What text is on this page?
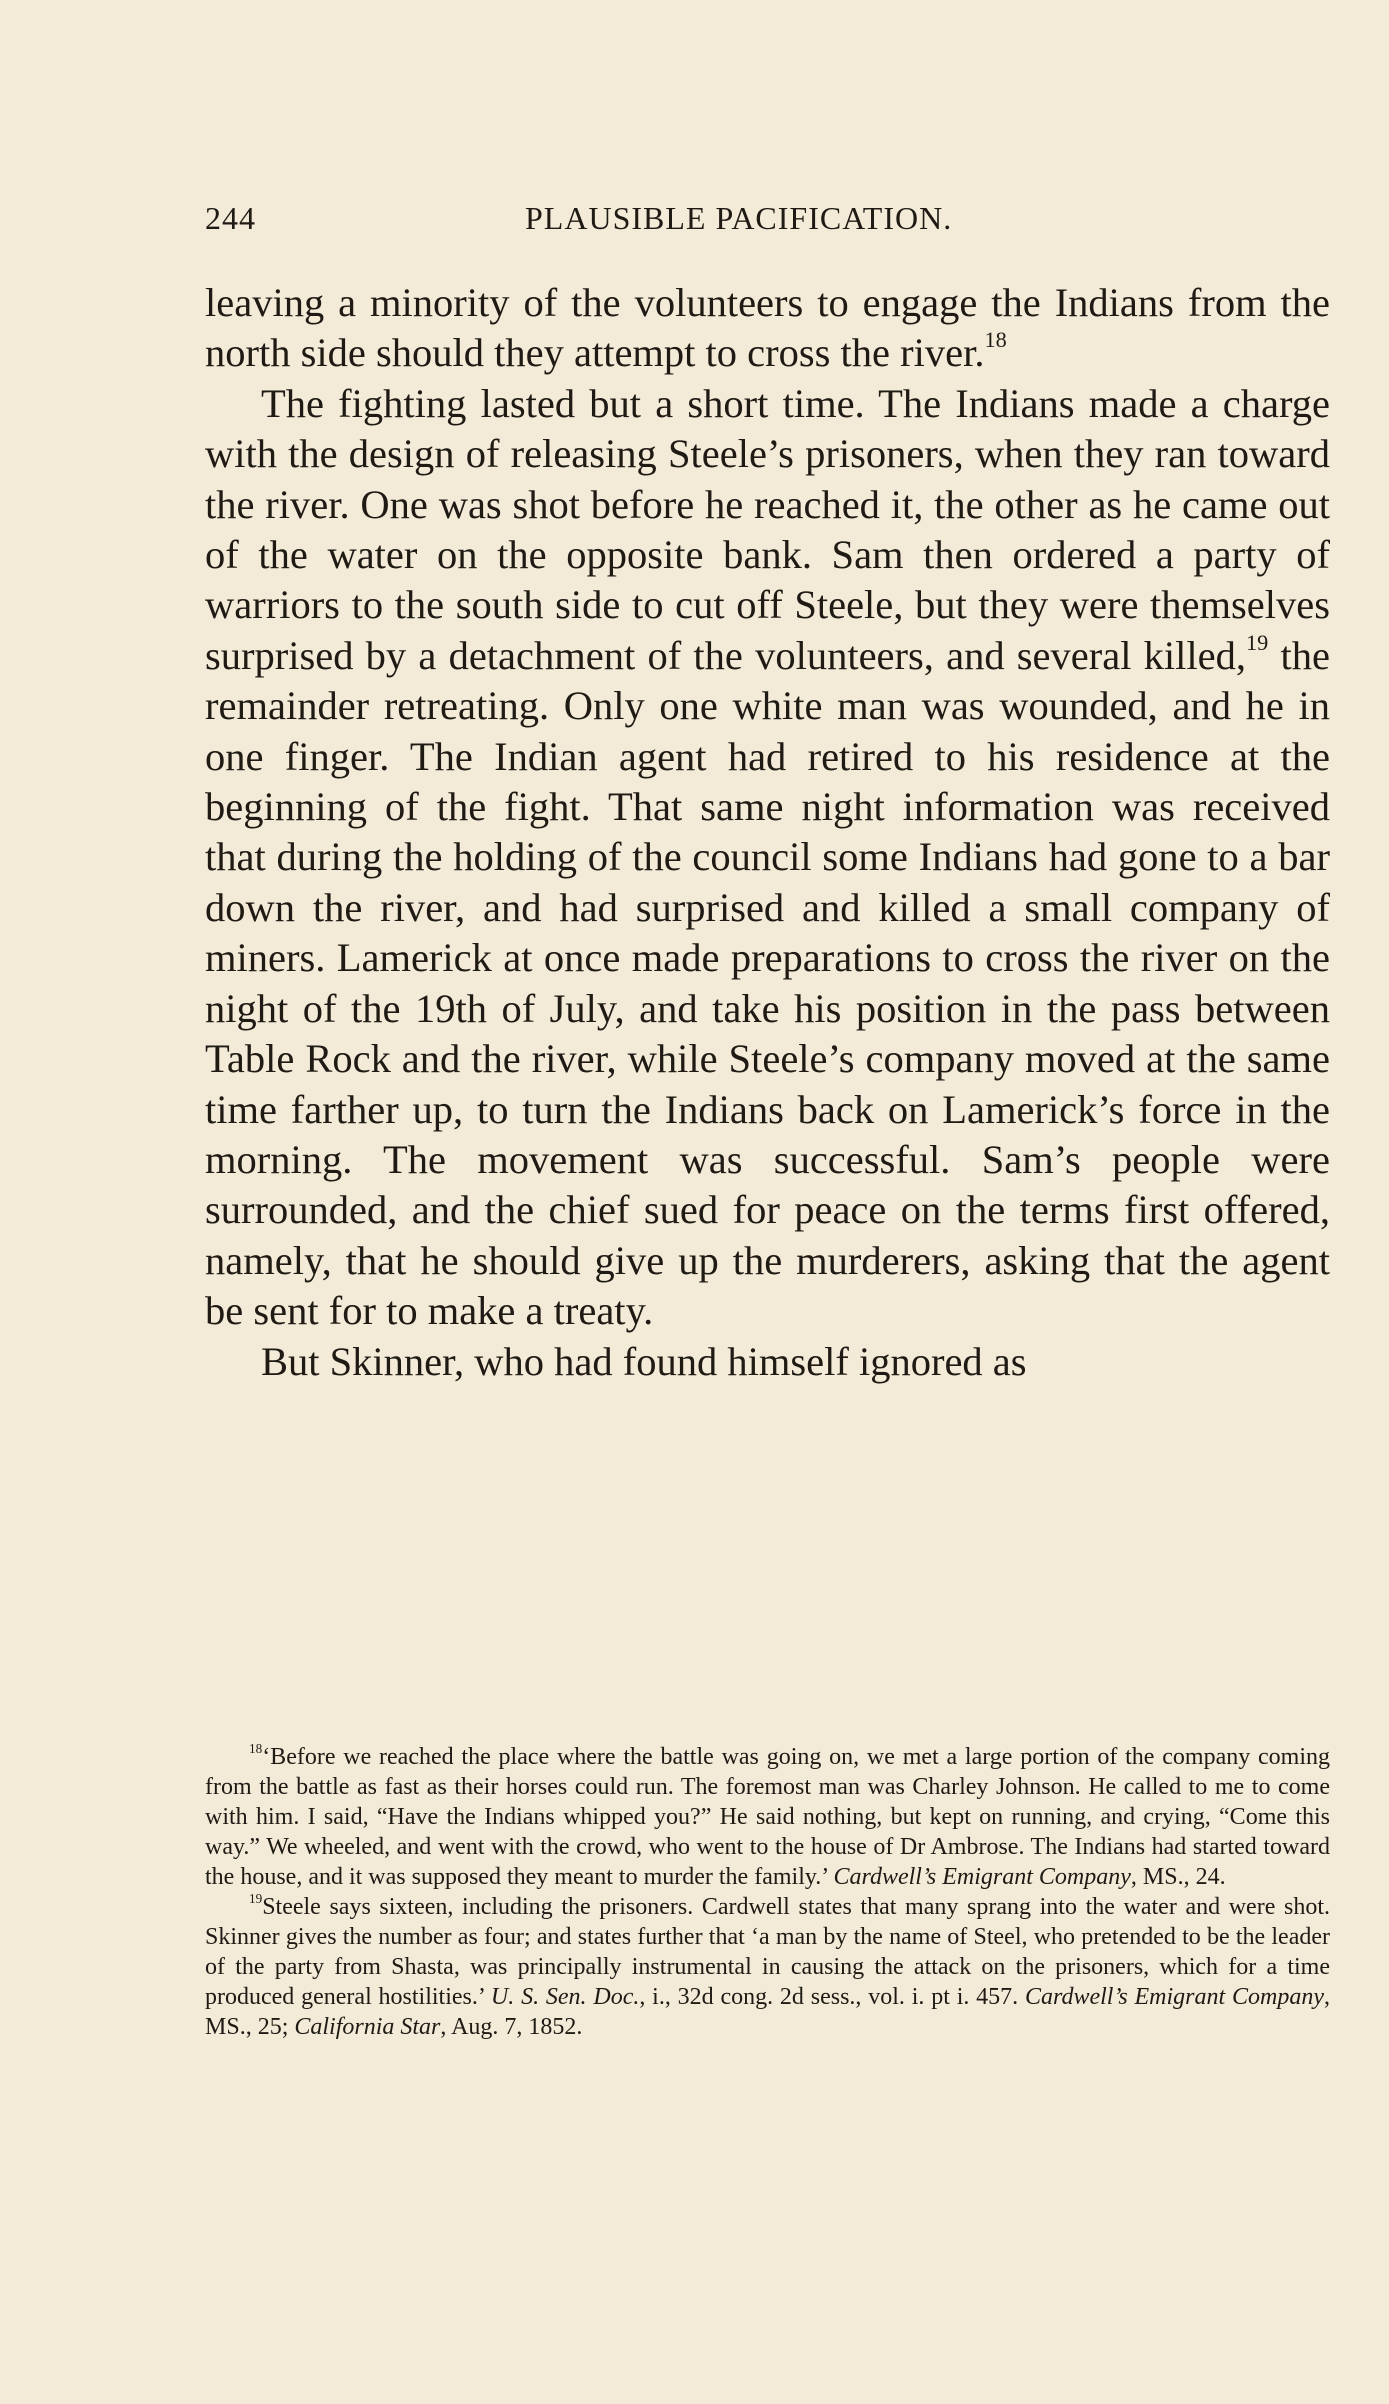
244	PLAUSIBLE PACIFICATION.

leaving a minority of the volunteers to engage the Indians from the north side should they attempt to cross the river.$^{18}$

The fighting lasted but a short time. The Indians made a charge with the design of releasing Steele’s prisoners, when they ran toward the river. One was shot before he reached it, the other as he came out of the water on the opposite bank. Sam then ordered a party of warriors to the south side to cut off Steele, but they were themselves surprised by a detachment of the volunteers, and several killed,$^{19}$ the remainder retreating. Only one white man was wounded, and he in one finger. The Indian agent had retired to his residence at the beginning of the fight. That same night information was received that during the holding of the council some Indians had gone to a bar down the river, and had surprised and killed a small company of miners. Lamerick at once made preparations to cross the river on the night of the 19th of July, and take his position in the pass between Table Rock and the river, while Steele’s company moved at the same time farther up, to turn the Indians back on Lamerick’s force in the morning. The movement was successful. Sam’s people were surrounded, and the chief sued for peace on the terms first offered, namely, that he should give up the murderers, asking that the agent be sent for to make a treaty.

But Skinner, who had found himself ignored as

$^{18}$‘Before we reached the place where the battle was going on, we met a large portion of the company coming from the battle as fast as their horses could run. The foremost man was Charley Johnson. He called to me to come with him. I said, “Have the Indians whipped you?” He said nothing, but kept on running, and crying, “Come this way.” We wheeled, and went with the crowd, who went to the house of Dr Ambrose. The Indians had started toward the house, and it was supposed they meant to murder the family.’ Cardwell’s Emigrant Company, MS., 24.

$^{19}$Steele says sixteen, including the prisoners. Cardwell states that many sprang into the water and were shot. Skinner gives the number as four; and states further that ‘a man by the name of Steel, who pretended to be the leader of the party from Shasta, was principally instrumental in causing the attack on the prisoners, which for a time produced general hostilities.’ U. S. Sen. Doc., i., 32d cong. 2d sess., vol. i. pt i. 457. Cardwell’s Emigrant Company, MS., 25; California Star, Aug. 7, 1852.
